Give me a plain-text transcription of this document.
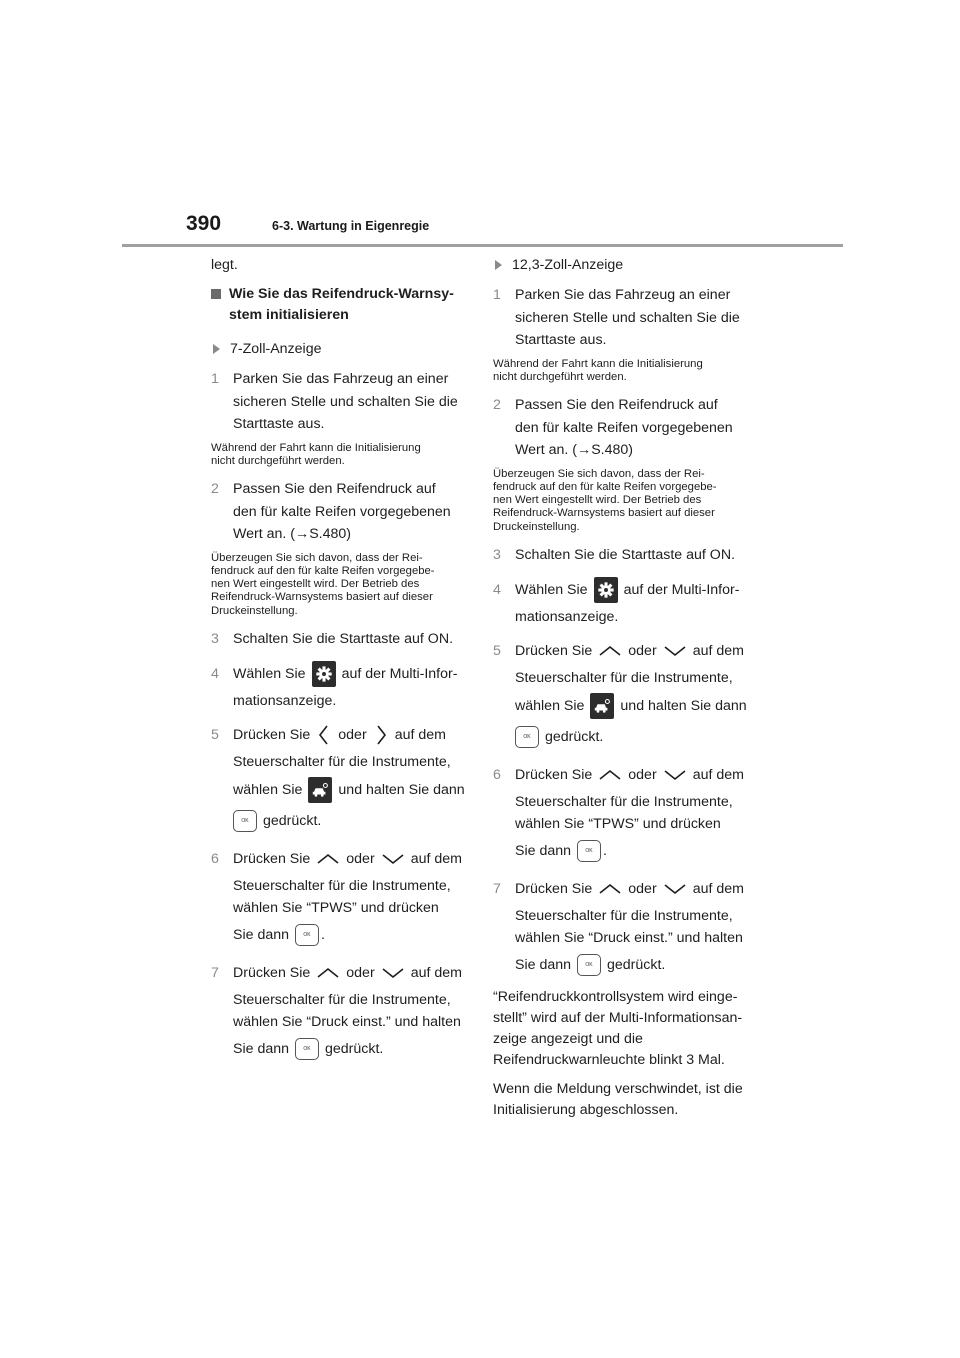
390	6-3. Wartung in Eigenregie

legt.

Wie Sie das Reifendruck-Warnsy-
stem initialisieren
7-Zoll-Anzeige
1 Parken Sie das Fahrzeug an einer
sicheren Stelle und schalten Sie die
Starttaste aus.
Während der Fahrt kann die Initialisierung
nicht durchgeführt werden.
2 Passen Sie den Reifendruck auf
den für kalte Reifen vorgegebenen
Wert an. (→S.480)
Überzeugen Sie sich davon, dass der Rei-
fendruck auf den für kalte Reifen vorgegebe-
nen Wert eingestellt wird. Der Betrieb des
Reifendruck-Warnsystems basiert auf dieser
Druckeinstellung.
3 Schalten Sie die Starttaste auf ON.
4 Wählen Sie	auf der Multi-Infor-
mationsanzeige.
5 Drücken Sie oder auf dem
Steuerschalter für die Instrumente,
wählen Sie	und halten Sie dann
OK	gedrückt.
6 Drücken Sie	oder	auf dem
Steuerschalter für die Instrumente,
wählen Sie “TPWS” und drücken
Sie dann	OK .
7 Drücken Sie	oder	auf dem
Steuerschalter für die Instrumente,
wählen Sie “Druck einst.” und halten
Sie dann	OK	gedrückt.
12,3-Zoll-Anzeige
1 Parken Sie das Fahrzeug an einer
sicheren Stelle und schalten Sie die
Starttaste aus.
Während der Fahrt kann die Initialisierung
nicht durchgeführt werden.
2 Passen Sie den Reifendruck auf
den für kalte Reifen vorgegebenen
Wert an. (→S.480)
Überzeugen Sie sich davon, dass der Rei-
fendruck auf den für kalte Reifen vorgegebe-
nen Wert eingestellt wird. Der Betrieb des
Reifendruck-Warnsystems basiert auf dieser
Druckeinstellung.
3 Schalten Sie die Starttaste auf ON.
4 Wählen Sie	auf der Multi-Infor-
mationsanzeige.
5 Drücken Sie	oder	auf dem
Steuerschalter für die Instrumente,
wählen Sie	und halten Sie dann
OK	gedrückt.
6 Drücken Sie	oder	auf dem
Steuerschalter für die Instrumente,
wählen Sie “TPWS” und drücken
Sie dann	OK .
7 Drücken Sie	oder	auf dem
Steuerschalter für die Instrumente,
wählen Sie “Druck einst.” und halten
Sie dann	OK	gedrückt.

“Reifendruckkontrollsystem wird einge-
stellt” wird auf der Multi-Informationsan-
zeige angezeigt und die
Reifendruckwarnleuchte blinkt 3 Mal.

Wenn die Meldung verschwindet, ist die
Initialisierung abgeschlossen.
